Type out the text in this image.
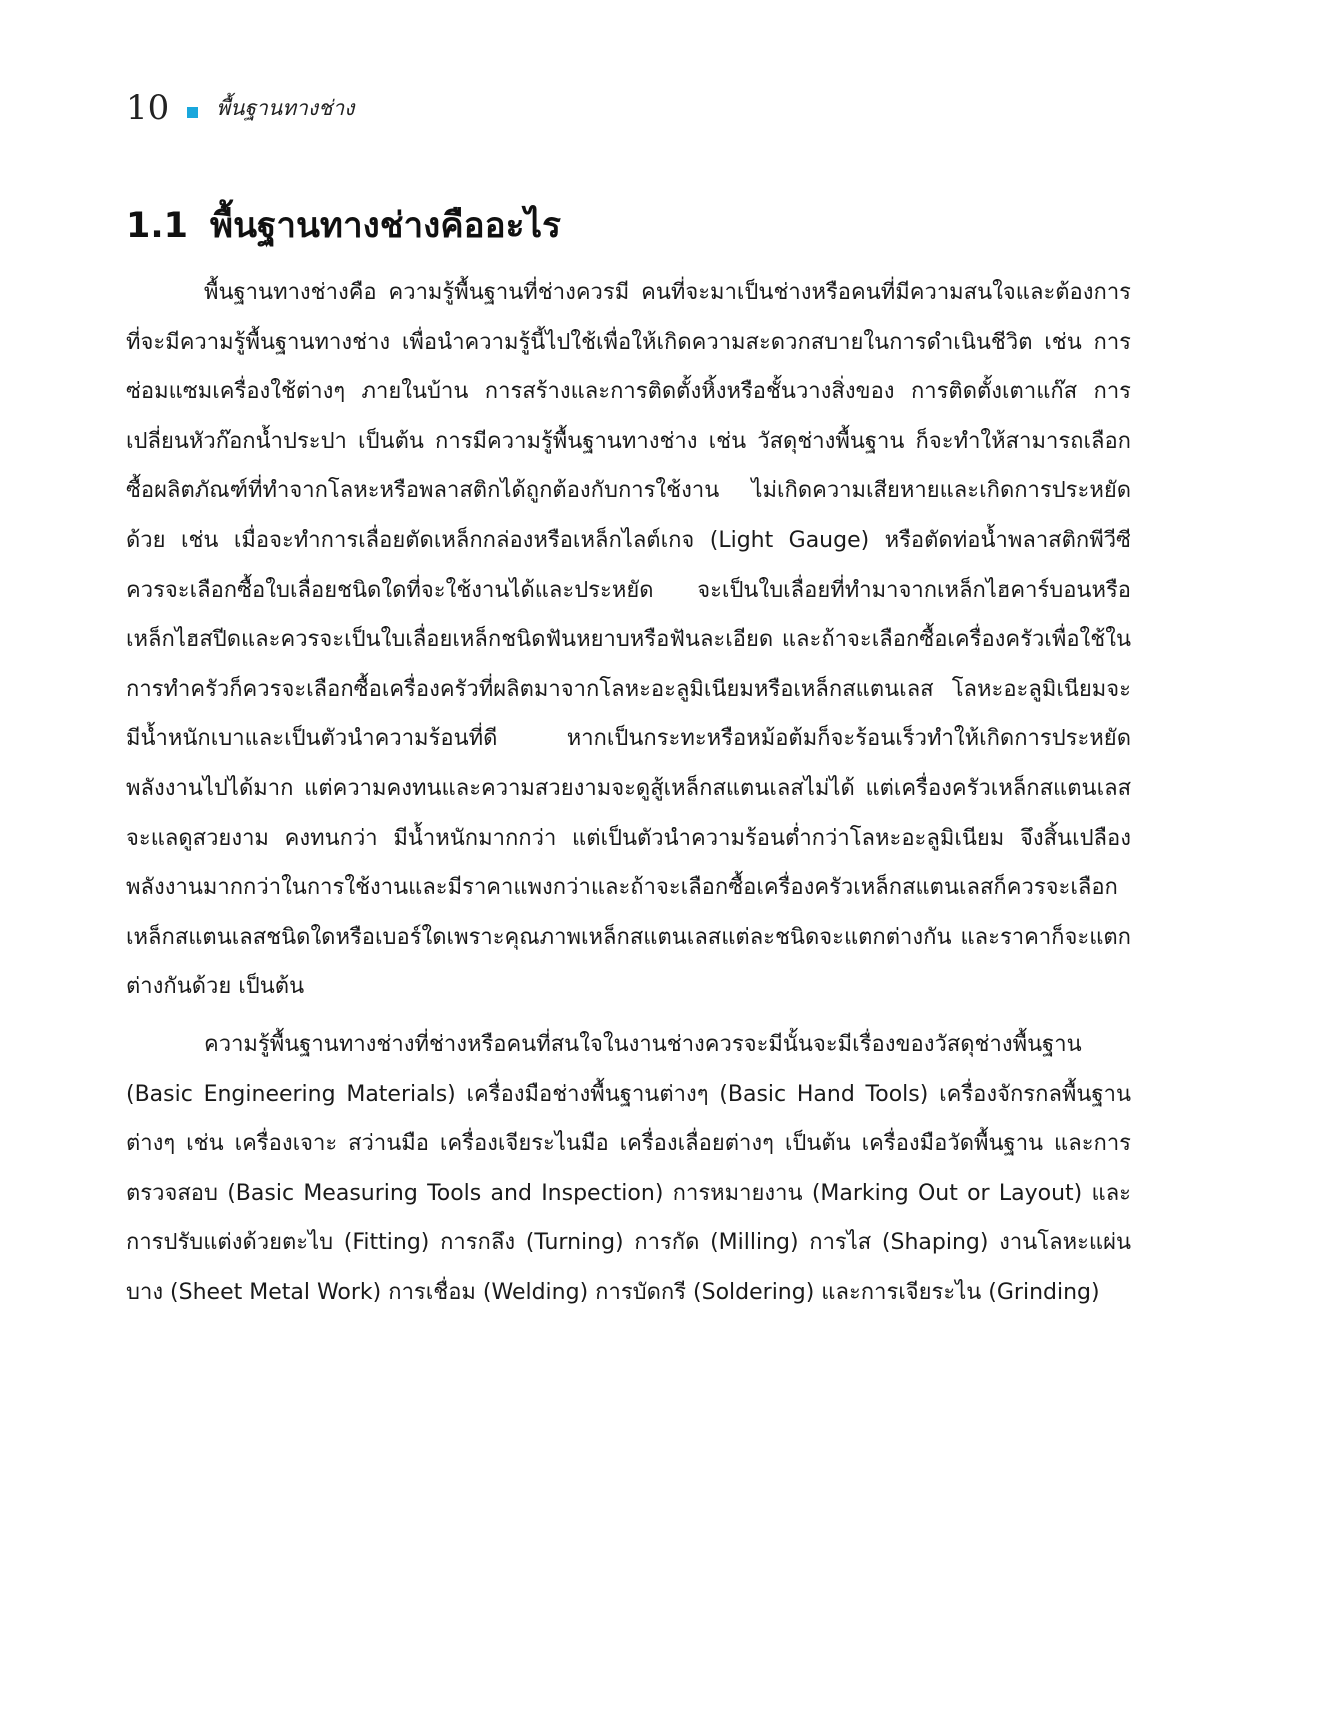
10 พื้นฐานทางช่าง
1.1 พื้นฐานทางช่างคืออะไร

พื้นฐานทางช่างคือ ความรู้พื้นฐานที่ช่างควรมี คนที่จะมาเป็นช่างหรือคนที่มีความสนใจและต้องการที่จะมีความรู้พื้นฐานทางช่าง เพื่อนำความรู้นี้ไปใช้เพื่อให้เกิดความสะดวกสบายในการดำเนินชีวิต เช่น การซ่อมแซมเครื่องใช้ต่างๆ ภายในบ้าน การสร้างและการติดตั้งหิ้งหรือชั้นวางสิ่งของ การติดตั้งเตาแก๊ส การเปลี่ยนหัวก๊อกน้ำประปา เป็นต้น การมีความรู้พื้นฐานทางช่าง เช่น วัสดุช่างพื้นฐาน ก็จะทำให้สามารถเลือกซื้อผลิตภัณฑ์ที่ทำจากโลหะหรือพลาสติกได้ถูกต้องกับการใช้งาน ไม่เกิดความเสียหายและเกิดการประหยัดด้วย เช่น เมื่อจะทำการเลื่อยตัดเหล็กกล่องหรือเหล็กไลต์เกจ (Light Gauge) หรือตัดท่อน้ำพลาสติกพีวีซี ควรจะเลือกซื้อใบเลื่อยชนิดใดที่จะใช้งานได้และประหยัด จะเป็นใบเลื่อยที่ทำมาจากเหล็กไฮคาร์บอนหรือเหล็กไฮสปีดและควรจะเป็นใบเลื่อยเหล็กชนิดฟันหยาบหรือฟันละเอียด และถ้าจะเลือกซื้อเครื่องครัวเพื่อใช้ในการทำครัวก็ควรจะเลือกซื้อเครื่องครัวที่ผลิตมาจากโลหะอะลูมิเนียมหรือเหล็กสแตนเลส โลหะอะลูมิเนียมจะมีน้ำหนักเบาและเป็นตัวนำความร้อนที่ดี หากเป็นกระทะหรือหม้อต้มก็จะร้อนเร็วทำให้เกิดการประหยัดพลังงานไปได้มาก แต่ความคงทนและความสวยงามจะดูสู้เหล็กสแตนเลสไม่ได้ แต่เครื่องครัวเหล็กสแตนเลสจะแลดูสวยงาม คงทนกว่า มีน้ำหนักมากกว่า แต่เป็นตัวนำความร้อนต่ำกว่าโลหะอะลูมิเนียม จึงสิ้นเปลืองพลังงานมากกว่าในการใช้งานและมีราคาแพงกว่าและถ้าจะเลือกซื้อเครื่องครัวเหล็กสแตนเลสก็ควรจะเลือกเหล็กสแตนเลสชนิดใดหรือเบอร์ใดเพราะคุณภาพเหล็กสแตนเลสแต่ละชนิดจะแตกต่างกัน และราคาก็จะแตกต่างกันด้วย เป็นต้น

ความรู้พื้นฐานทางช่างที่ช่างหรือคนที่สนใจในงานช่างควรจะมีนั้นจะมีเรื่องของวัสดุช่างพื้นฐาน (Basic Engineering Materials) เครื่องมือช่างพื้นฐานต่างๆ (Basic Hand Tools) เครื่องจักรกลพื้นฐานต่างๆ เช่น เครื่องเจาะ สว่านมือ เครื่องเจียระไนมือ เครื่องเลื่อยต่างๆ เป็นต้น เครื่องมือวัดพื้นฐาน และการตรวจสอบ (Basic Measuring Tools and Inspection) การหมายงาน (Marking Out or Layout) และการปรับแต่งด้วยตะไบ (Fitting) การกลึง (Turning) การกัด (Milling) การไส (Shaping) งานโลหะแผ่นบาง (Sheet Metal Work) การเชื่อม (Welding) การบัดกรี (Soldering) และการเจียระไน (Grinding)
